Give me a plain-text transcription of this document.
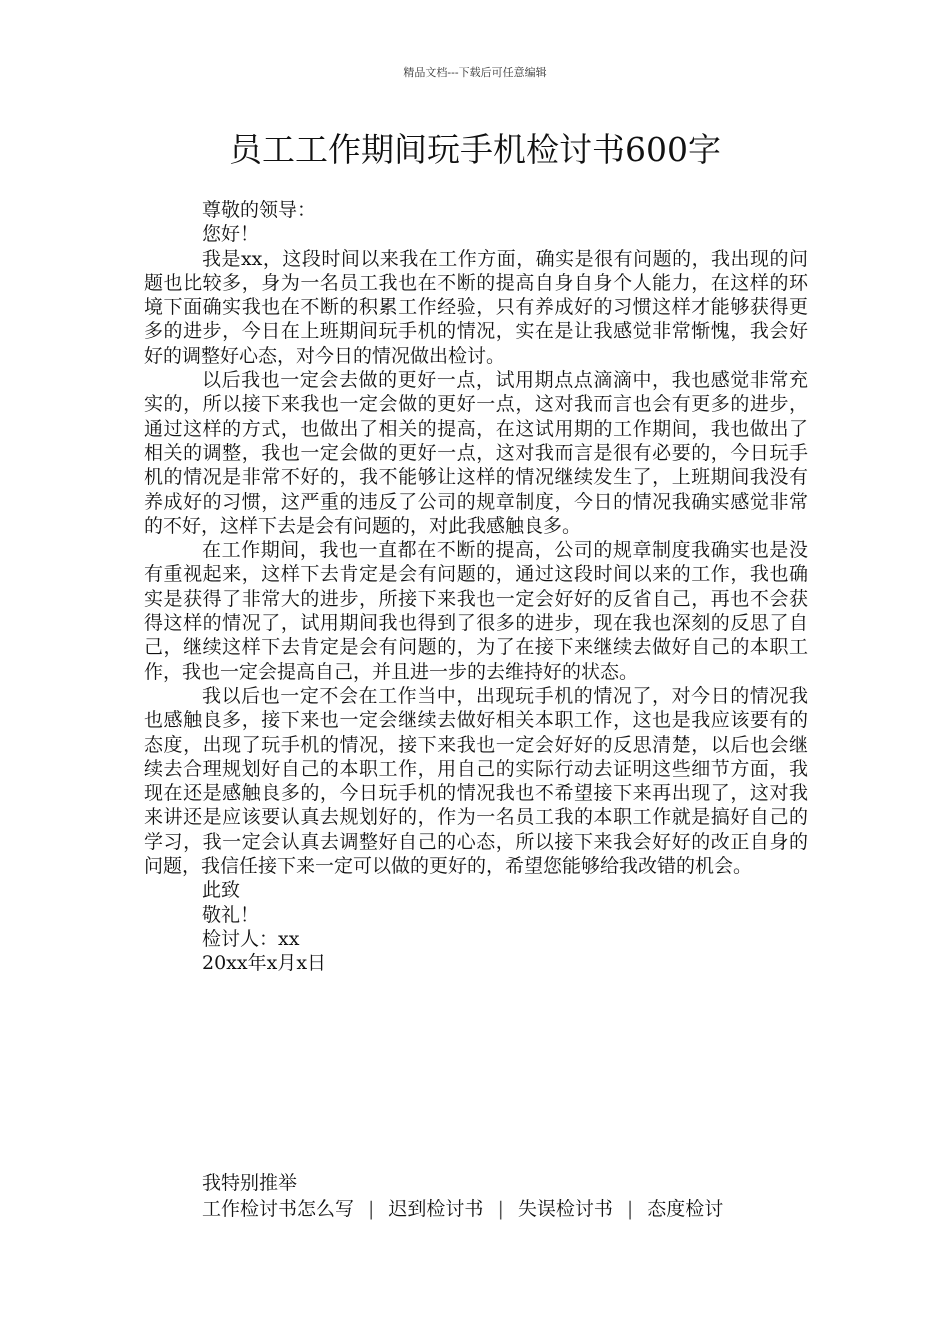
精品文档---下载后可任意编辑
员工工作期间玩手机检讨书600字

尊敬的领导：

您好！

我是xx，这段时间以来我在工作方面，确实是很有问题的，我出现的问题也比较多，身为一名员工我也在不断的提高自身自身个人能力，在这样的环境下面确实我也在不断的积累工作经验，只有养成好的习惯这样才能够获得更多的进步，今日在上班期间玩手机的情况，实在是让我感觉非常惭愧，我会好好的调整好心态，对今日的情况做出检讨。

以后我也一定会去做的更好一点，试用期点点滴滴中，我也感觉非常充实的，所以接下来我也一定会做的更好一点，这对我而言也会有更多的进步，通过这样的方式，也做出了相关的提高，在这试用期的工作期间，我也做出了相关的调整，我也一定会做的更好一点，这对我而言是很有必要的，今日玩手机的情况是非常不好的，我不能够让这样的情况继续发生了，上班期间我没有养成好的习惯，这严重的违反了公司的规章制度，今日的情况我确实感觉非常的不好，这样下去是会有问题的，对此我感触良多。

在工作期间，我也一直都在不断的提高，公司的规章制度我确实也是没有重视起来，这样下去肯定是会有问题的，通过这段时间以来的工作，我也确实是获得了非常大的进步，所接下来我也一定会好好的反省自己，再也不会获得这样的情况了，试用期间我也得到了很多的进步，现在我也深刻的反思了自己，继续这样下去肯定是会有问题的，为了在接下来继续去做好自己的本职工作，我也一定会提高自己，并且进一步的去维持好的状态。

我以后也一定不会在工作当中，出现玩手机的情况了，对今日的情况我也感触良多，接下来也一定会继续去做好相关本职工作，这也是我应该要有的态度，出现了玩手机的情况，接下来我也一定会好好的反思清楚，以后也会继续去合理规划好自己的本职工作，用自己的实际行动去证明这些细节方面，我现在还是感触良多的，今日玩手机的情况我也不希望接下来再出现了，这对我来讲还是应该要认真去规划好的，作为一名员工我的本职工作就是搞好自己的学习，我一定会认真去调整好自己的心态，所以接下来我会好好的改正自身的问题，我信任接下来一定可以做的更好的，希望您能够给我改错的机会。

此致

敬礼！

检讨人：xx

20xx年x月x日

我特别推举
工作检讨书怎么写 | 迟到检讨书 | 失误检讨书 | 态度检讨
